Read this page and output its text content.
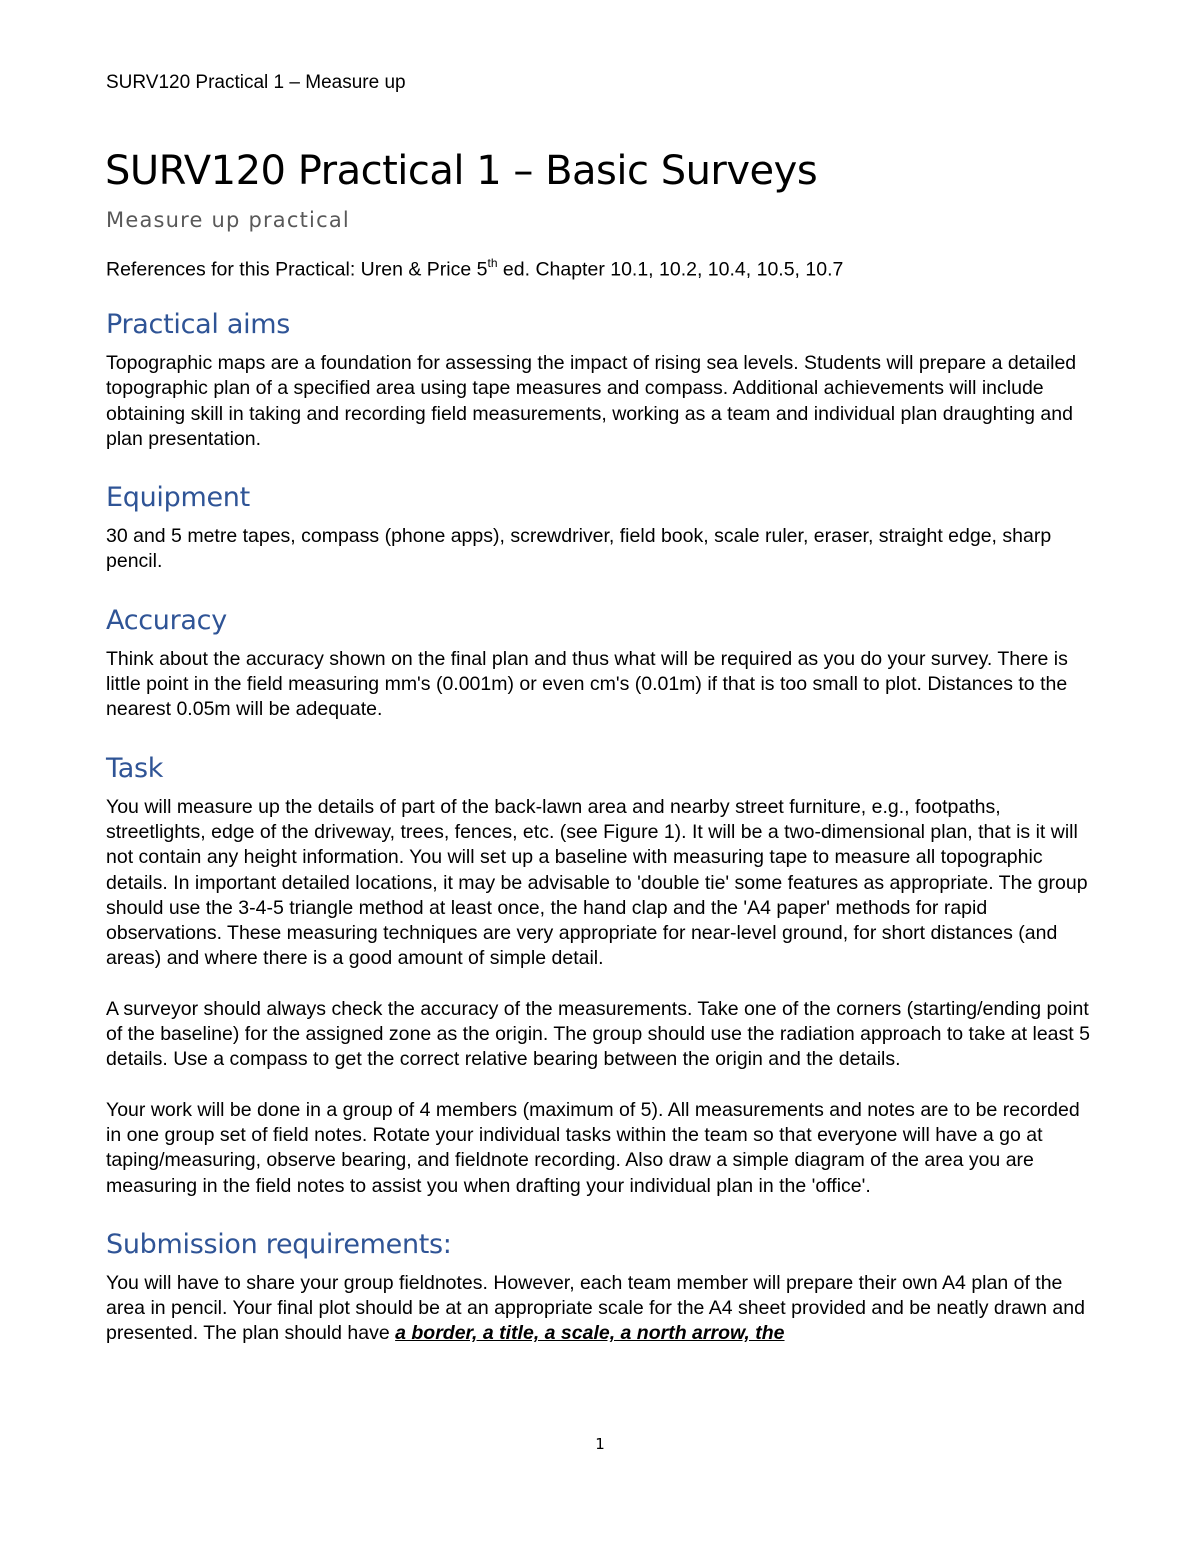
SURV120 Practical 1 – Measure up
SURV120 Practical 1 – Basic Surveys
Measure up practical

References for this Practical: Uren & Price 5th ed. Chapter 10.1, 10.2, 10.4, 10.5, 10.7

Practical aims

Topographic maps are a foundation for assessing the impact of rising sea levels. Students will prepare a detailed topographic plan of a specified area using tape measures and compass. Additional achievements will include obtaining skill in taking and recording field measurements, working as a team and individual plan draughting and plan presentation.

Equipment

30 and 5 metre tapes, compass (phone apps), screwdriver, field book, scale ruler, eraser, straight edge, sharp pencil.

Accuracy

Think about the accuracy shown on the final plan and thus what will be required as you do your survey. There is little point in the field measuring mm's (0.001m) or even cm's (0.01m) if that is too small to plot. Distances to the nearest 0.05m will be adequate.

Task

You will measure up the details of part of the back-lawn area and nearby street furniture, e.g., footpaths, streetlights, edge of the driveway, trees, fences, etc. (see Figure 1). It will be a two-dimensional plan, that is it will not contain any height information. You will set up a baseline with measuring tape to measure all topographic details. In important detailed locations, it may be advisable to 'double tie' some features as appropriate. The group should use the 3-4-5 triangle method at least once, the hand clap and the 'A4 paper' methods for rapid observations. These measuring techniques are very appropriate for near-level ground, for short distances (and areas) and where there is a good amount of simple detail.

A surveyor should always check the accuracy of the measurements. Take one of the corners (starting/ending point of the baseline) for the assigned zone as the origin. The group should use the radiation approach to take at least 5 details. Use a compass to get the correct relative bearing between the origin and the details.

Your work will be done in a group of 4 members (maximum of 5). All measurements and notes are to be recorded in one group set of field notes. Rotate your individual tasks within the team so that everyone will have a go at taping/measuring, observe bearing, and fieldnote recording. Also draw a simple diagram of the area you are measuring in the field notes to assist you when drafting your individual plan in the 'office'.

Submission requirements:

You will have to share your group fieldnotes. However, each team member will prepare their own A4 plan of the area in pencil. Your final plot should be at an appropriate scale for the A4 sheet provided and be neatly drawn and presented. The plan should have a border, a title, a scale, a north arrow, the

1
